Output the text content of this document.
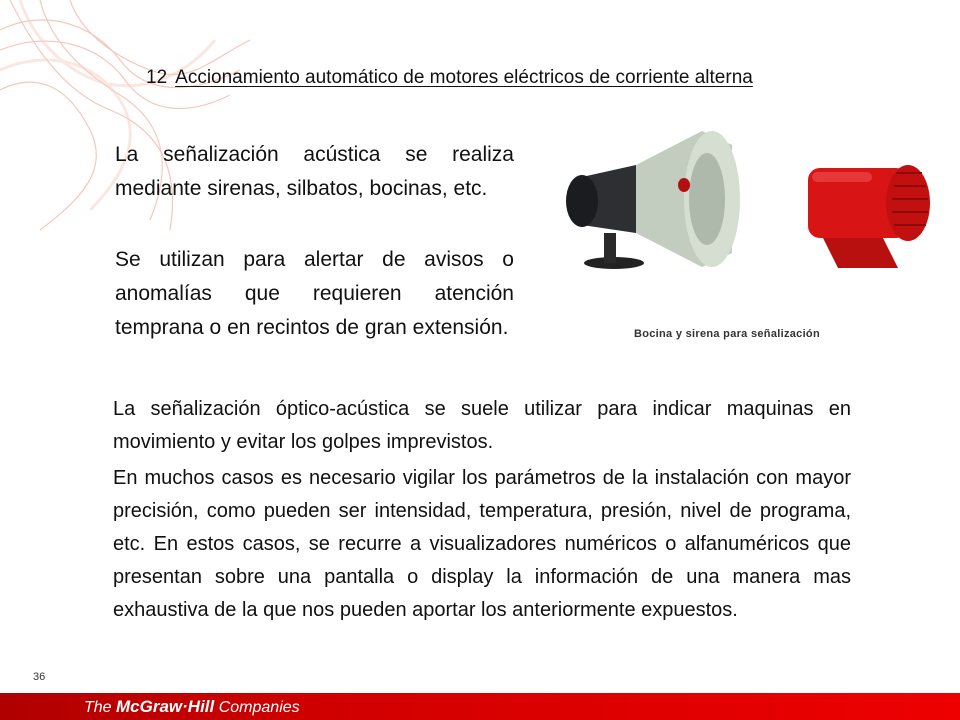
12 Accionamiento automático de motores eléctricos de corriente alterna

La señalización acústica se realiza mediante sirenas, silbatos, bocinas, etc.

Se utilizan para alertar de avisos o anomalías que requieren atención temprana o en recintos de gran extensión.	Bocina y sirena para señalización

La señalización óptico-acústica se suele utilizar para indicar maquinas en movimiento y evitar los golpes imprevistos.

En muchos casos es necesario vigilar los parámetros de la instalación con mayor precisión, como pueden ser intensidad, temperatura, presión, nivel de programa, etc. En estos casos, se recurre a visualizadores numéricos o alfanuméricos que presentan sobre una pantalla o display la información de una manera mas exhaustiva de la que nos pueden aportar los anteriormente expuestos.

36
The McGraw·Hill Companies
